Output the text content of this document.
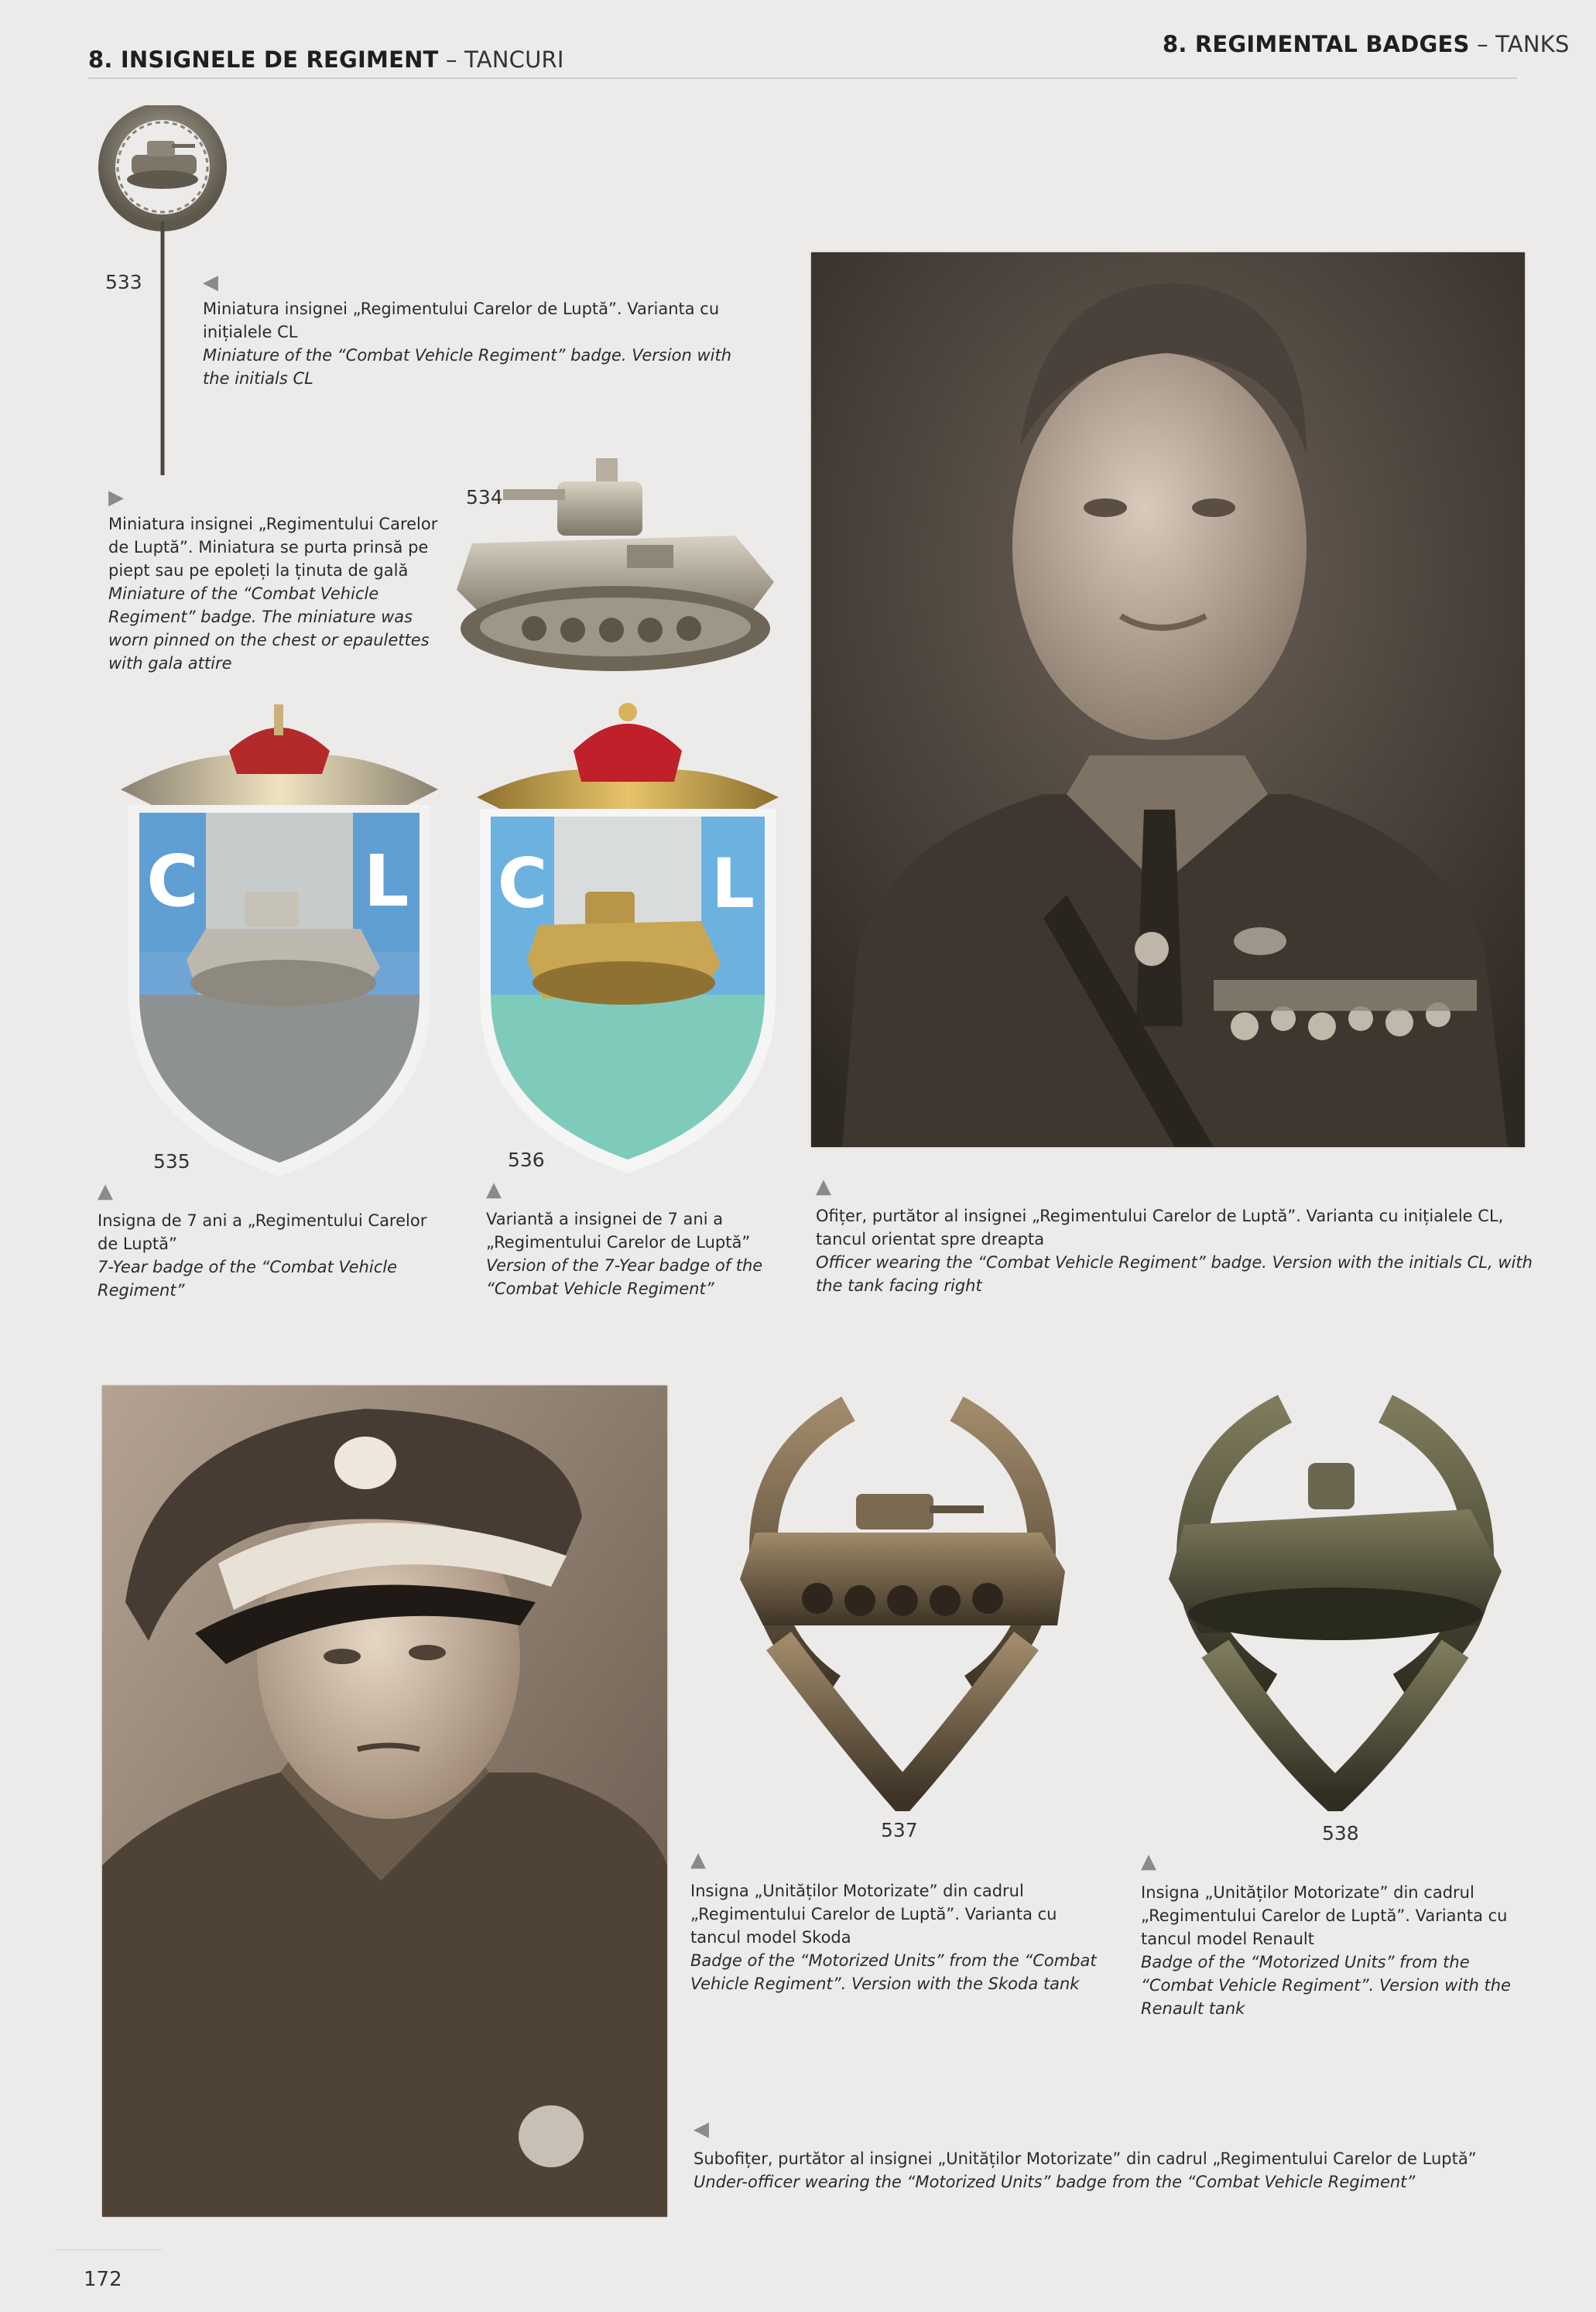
8. INSIGNELE DE REGIMENT – TANCURI
8. REGIMENTAL BADGES – TANKS
533	◀
Miniatura insignei „Regimentului Carelor de Luptă”. Varianta cu inițialele CL
Miniature of the “Combat Vehicle Regiment” badge. Version with the initials CL
▶
Miniatura insignei „Regimentului Carelor de Luptă”. Miniatura se purta prinsă pe piept sau pe epoleți la ținuta de gală
Miniature of the “Combat Vehicle Regiment” badge. The miniature was worn pinned on the chest or epaulettes with gala attire
534
C L
535
▲
Insigna de 7 ani a „Regimentului Carelor de Luptă”
7-Year badge of the “Combat Vehicle Regiment”
C L
536
▲
Variantă a insignei de 7 ani a „Regimentului Carelor de Luptă”
Version of the 7-Year badge of the “Combat Vehicle Regiment”
▲
Ofițer, purtător al insignei „Regimentului Carelor de Luptă”. Varianta cu inițialele CL, tancul orientat spre dreapta
Officer wearing the “Combat Vehicle Regiment” badge. Version with the initials CL, with the tank facing right
537
▲
Insigna „Unităților Motorizate” din cadrul „Regimentului Carelor de Luptă”. Varianta cu tancul model Skoda
Badge of the “Motorized Units” from the “Combat Vehicle Regiment”. Version with the Skoda tank
538
▲
Insigna „Unităților Motorizate” din cadrul „Regimentului Carelor de Luptă”. Varianta cu tancul model Renault
Badge of the “Motorized Units” from the “Combat Vehicle Regiment”. Version with the Renault tank
◀
Subofițer, purtător al insignei „Unităților Motorizate” din cadrul „Regimentului Carelor de Luptă”
Under-officer wearing the “Motorized Units” badge from the “Combat Vehicle Regiment”
172
